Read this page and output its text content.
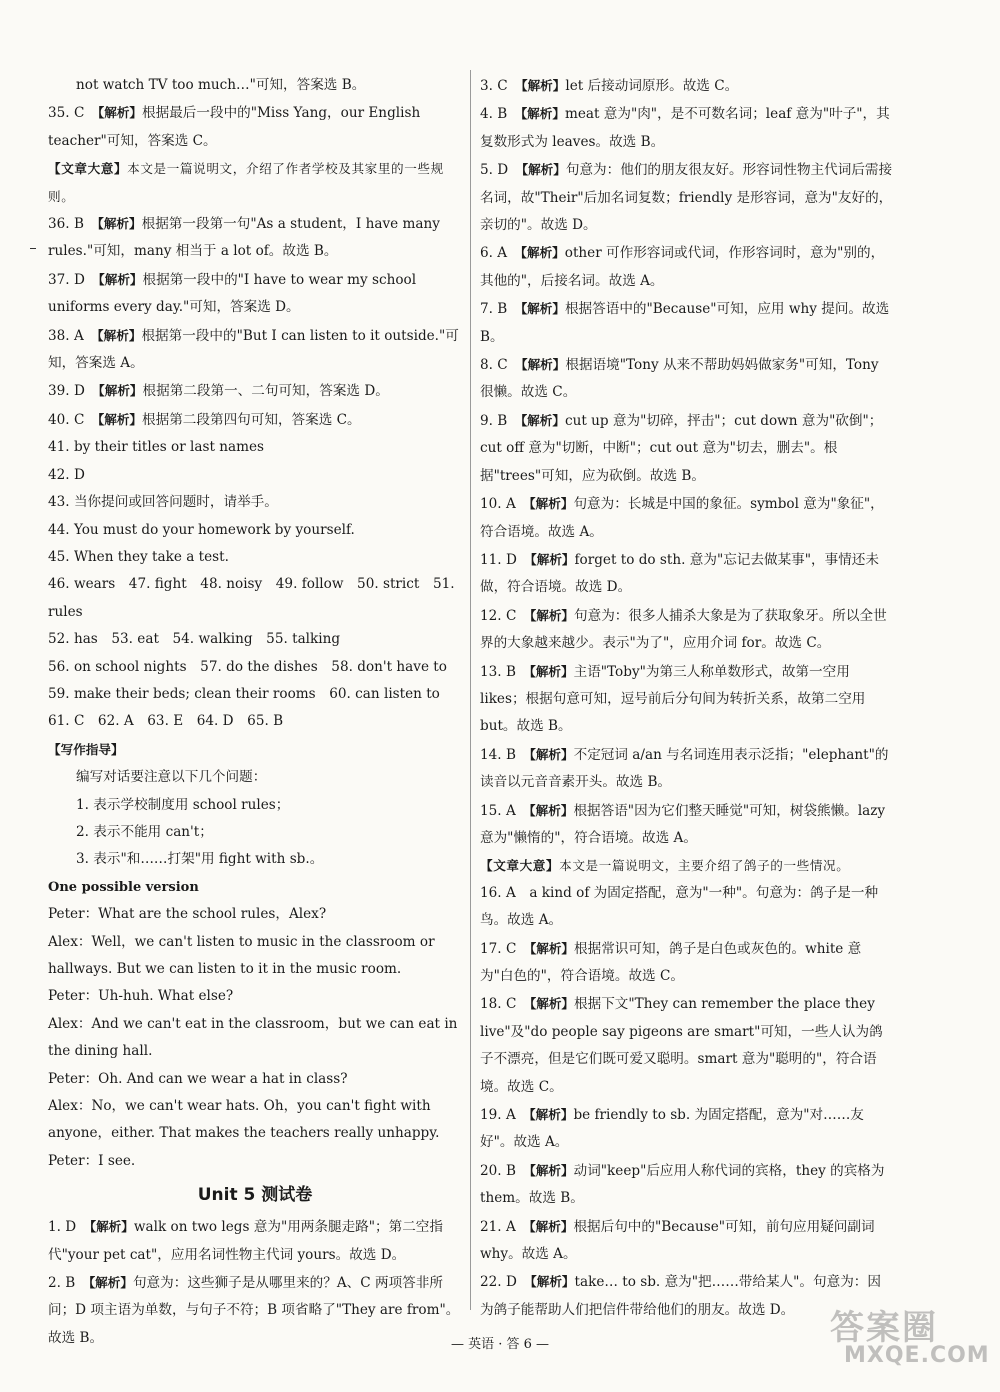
not watch TV too much…"可知，答案选 B。

35. C　 【解析】根据最后一段中的"Miss Yang，our English teacher"可知，答案选 C。

【文章大意】本文是一篇说明文，介绍了作者学校及其家里的一些规则。

36. B　 【解析】根据第一段第一句"As a student，I have many rules."可知，many 相当于 a lot of。故选 B。

37. D　 【解析】根据第一段中的"I have to wear my school uniforms every day."可知，答案选 D。

38. A　 【解析】根据第一段中的"But I can listen to it outside."可知，答案选 A。

39. D　 【解析】根据第二段第一、二句可知，答案选 D。

40. C　 【解析】根据第二段第四句可知，答案选 C。

41. by their titles or last names

42. D

43. 当你提问或回答问题时，请举手。

44. You must do your homework by yourself.

45. When they take a test.

46. wears　47. fight　48. noisy　49. follow　50. strict　51. rules

52. has　53. eat　54. walking　55. talking

56. on school nights　57. do the dishes　58. don't have to

59. make their beds; clean their rooms　60. can listen to

61. C　62. A　63. E　64. D　65. B

【写作指导】

编写对话要注意以下几个问题：

1. 表示学校制度用 school rules；

2. 表示不能用 can't；

3. 表示"和……打架"用 fight with sb.。

One possible version

Peter：What are the school rules，Alex?

Alex：Well，we can't listen to music in the classroom or hallways. But we can listen to it in the music room.

Peter：Uh-huh. What else?

Alex：And we can't eat in the classroom，but we can eat in the dining hall.

Peter：Oh. And can we wear a hat in class?

Alex：No，we can't wear hats. Oh，you can't fight with anyone，either. That makes the teachers really unhappy.

Peter：I see.

Unit 5 测试卷

1. D　 【解析】walk on two legs 意为"用两条腿走路"；第二空指代"your pet cat"，应用名词性物主代词 yours。故选 D。

2. B　 【解析】句意为：这些狮子是从哪里来的？A、C 两项答非所问；D 项主语为单数，与句子不符；B 项省略了"They are from"。故选 B。

3. C　 【解析】let 后接动词原形。故选 C。

4. B　 【解析】meat 意为"肉"，是不可数名词；leaf 意为"叶子"，其复数形式为 leaves。故选 B。

5. D　 【解析】句意为：他们的朋友很友好。形容词性物主代词后需接名词，故"Their"后加名词复数；friendly 是形容词，意为"友好的，亲切的"。故选 D。

6. A　 【解析】other 可作形容词或代词，作形容词时，意为"别的，其他的"，后接名词。故选 A。

7. B　 【解析】根据答语中的"Because"可知，应用 why 提问。故选 B。

8. C　 【解析】根据语境"Tony 从来不帮助妈妈做家务"可知，Tony 很懒。故选 C。

9. B　 【解析】cut up 意为"切碎，抨击"；cut down 意为"砍倒"；cut off 意为"切断，中断"；cut out 意为"切去，删去"。根据"trees"可知，应为砍倒。故选 B。

10. A　 【解析】句意为：长城是中国的象征。symbol 意为"象征"，符合语境。故选 A。

11. D　 【解析】forget to do sth. 意为"忘记去做某事"，事情还未做，符合语境。故选 D。

12. C　 【解析】句意为：很多人捕杀大象是为了获取象牙。所以全世界的大象越来越少。表示"为了"，应用介词 for。故选 C。

13. B　 【解析】主语"Toby"为第三人称单数形式，故第一空用 likes；根据句意可知，逗号前后分句间为转折关系，故第二空用 but。故选 B。

14. B　 【解析】不定冠词 a/an 与名词连用表示泛指；"elephant"的读音以元音音素开头。故选 B。

15. A　 【解析】根据答语"因为它们整天睡觉"可知，树袋熊懒。lazy 意为"懒惰的"，符合语境。故选 A。

【文章大意】本文是一篇说明文，主要介绍了鸽子的一些情况。

16. A　 a kind of 为固定搭配，意为"一种"。句意为：鸽子是一种鸟。故选 A。

17. C　 【解析】根据常识可知，鸽子是白色或灰色的。white 意为"白色的"，符合语境。故选 C。

18. C　 【解析】根据下文"They can remember the place they live"及"do people say pigeons are smart"可知，一些人认为鸽子不漂亮，但是它们既可爱又聪明。smart 意为"聪明的"，符合语境。故选 C。

19. A　 【解析】be friendly to sb. 为固定搭配，意为"对……友好"。故选 A。

20. B　 【解析】动词"keep"后应用人称代词的宾格，they 的宾格为 them。故选 B。

21. A　 【解析】根据后句中的"Because"可知，前句应用疑问副词 why。故选 A。

22. D　 【解析】take… to sb. 意为"把……带给某人"。句意为：因为鸽子能帮助人们把信件带给他们的朋友。故选 D。

— 英语 · 答 6 —	答案圈
MXQE.COM
